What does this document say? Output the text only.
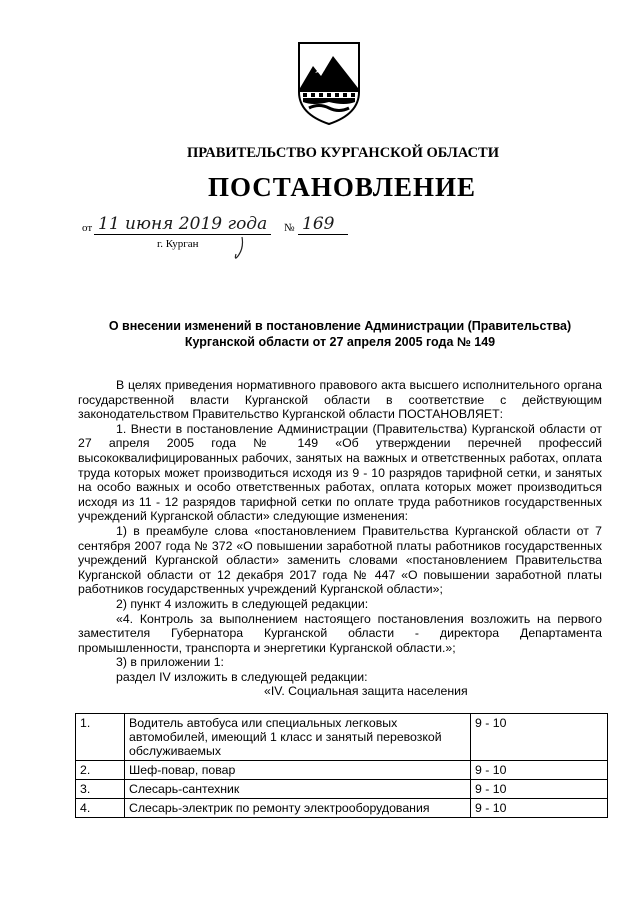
ПРАВИТЕЛЬСТВО КУРГАНСКОЙ ОБЛАСТИ
ПОСТАНОВЛЕНИЕ
от 11 июня 2019 года	№ 169
г. Курган
О внесении изменений в постановление Администрации (Правительства)
Курганской области от 27 апреля 2005 года № 149

В целях приведения нормативного правового акта высшего исполнительного органа государственной власти Курганской области в соответствие с действующим законодательством Правительство Курганской области ПОСТАНОВЛЯЕТ:

1. Внести в постановление Администрации (Правительства) Курганской области от 27 апреля 2005 года № 149 «Об утверждении перечней профессий высококвалифицированных рабочих, занятых на важных и ответственных работах, оплата труда которых может производиться исходя из 9 - 10 разрядов тарифной сетки, и занятых на особо важных и особо ответственных работах, оплата которых может производиться исходя из 11 - 12 разрядов тарифной сетки по оплате труда работников государственных учреждений Курганской области» следующие изменения:

1) в преамбуле слова «постановлением Правительства Курганской области от 7 сентября 2007 года № 372 «О повышении заработной платы работников государственных учреждений Курганской области» заменить словами «постановлением Правительства Курганской области от 12 декабря 2017 года № 447 «О повышении заработной платы работников государственных учреждений Курганской области»;

2) пункт 4 изложить в следующей редакции:

«4. Контроль за выполнением настоящего постановления возложить на первого заместителя Губернатора Курганской области - директора Департамента промышленности, транспорта и энергетики Курганской области.»;

3) в приложении 1:

раздел IV изложить в следующей редакции:

«IV. Социальная защита населения

1.	Водитель автобуса или специальных легковых автомобилей, имеющий 1 класс и занятый перевозкой обслуживаемых	9 - 10
2.	Шеф-повар, повар	9 - 10
3.	Слесарь-сантехник	9 - 10
4.	Слесарь-электрик по ремонту электрооборудования	9 - 10
